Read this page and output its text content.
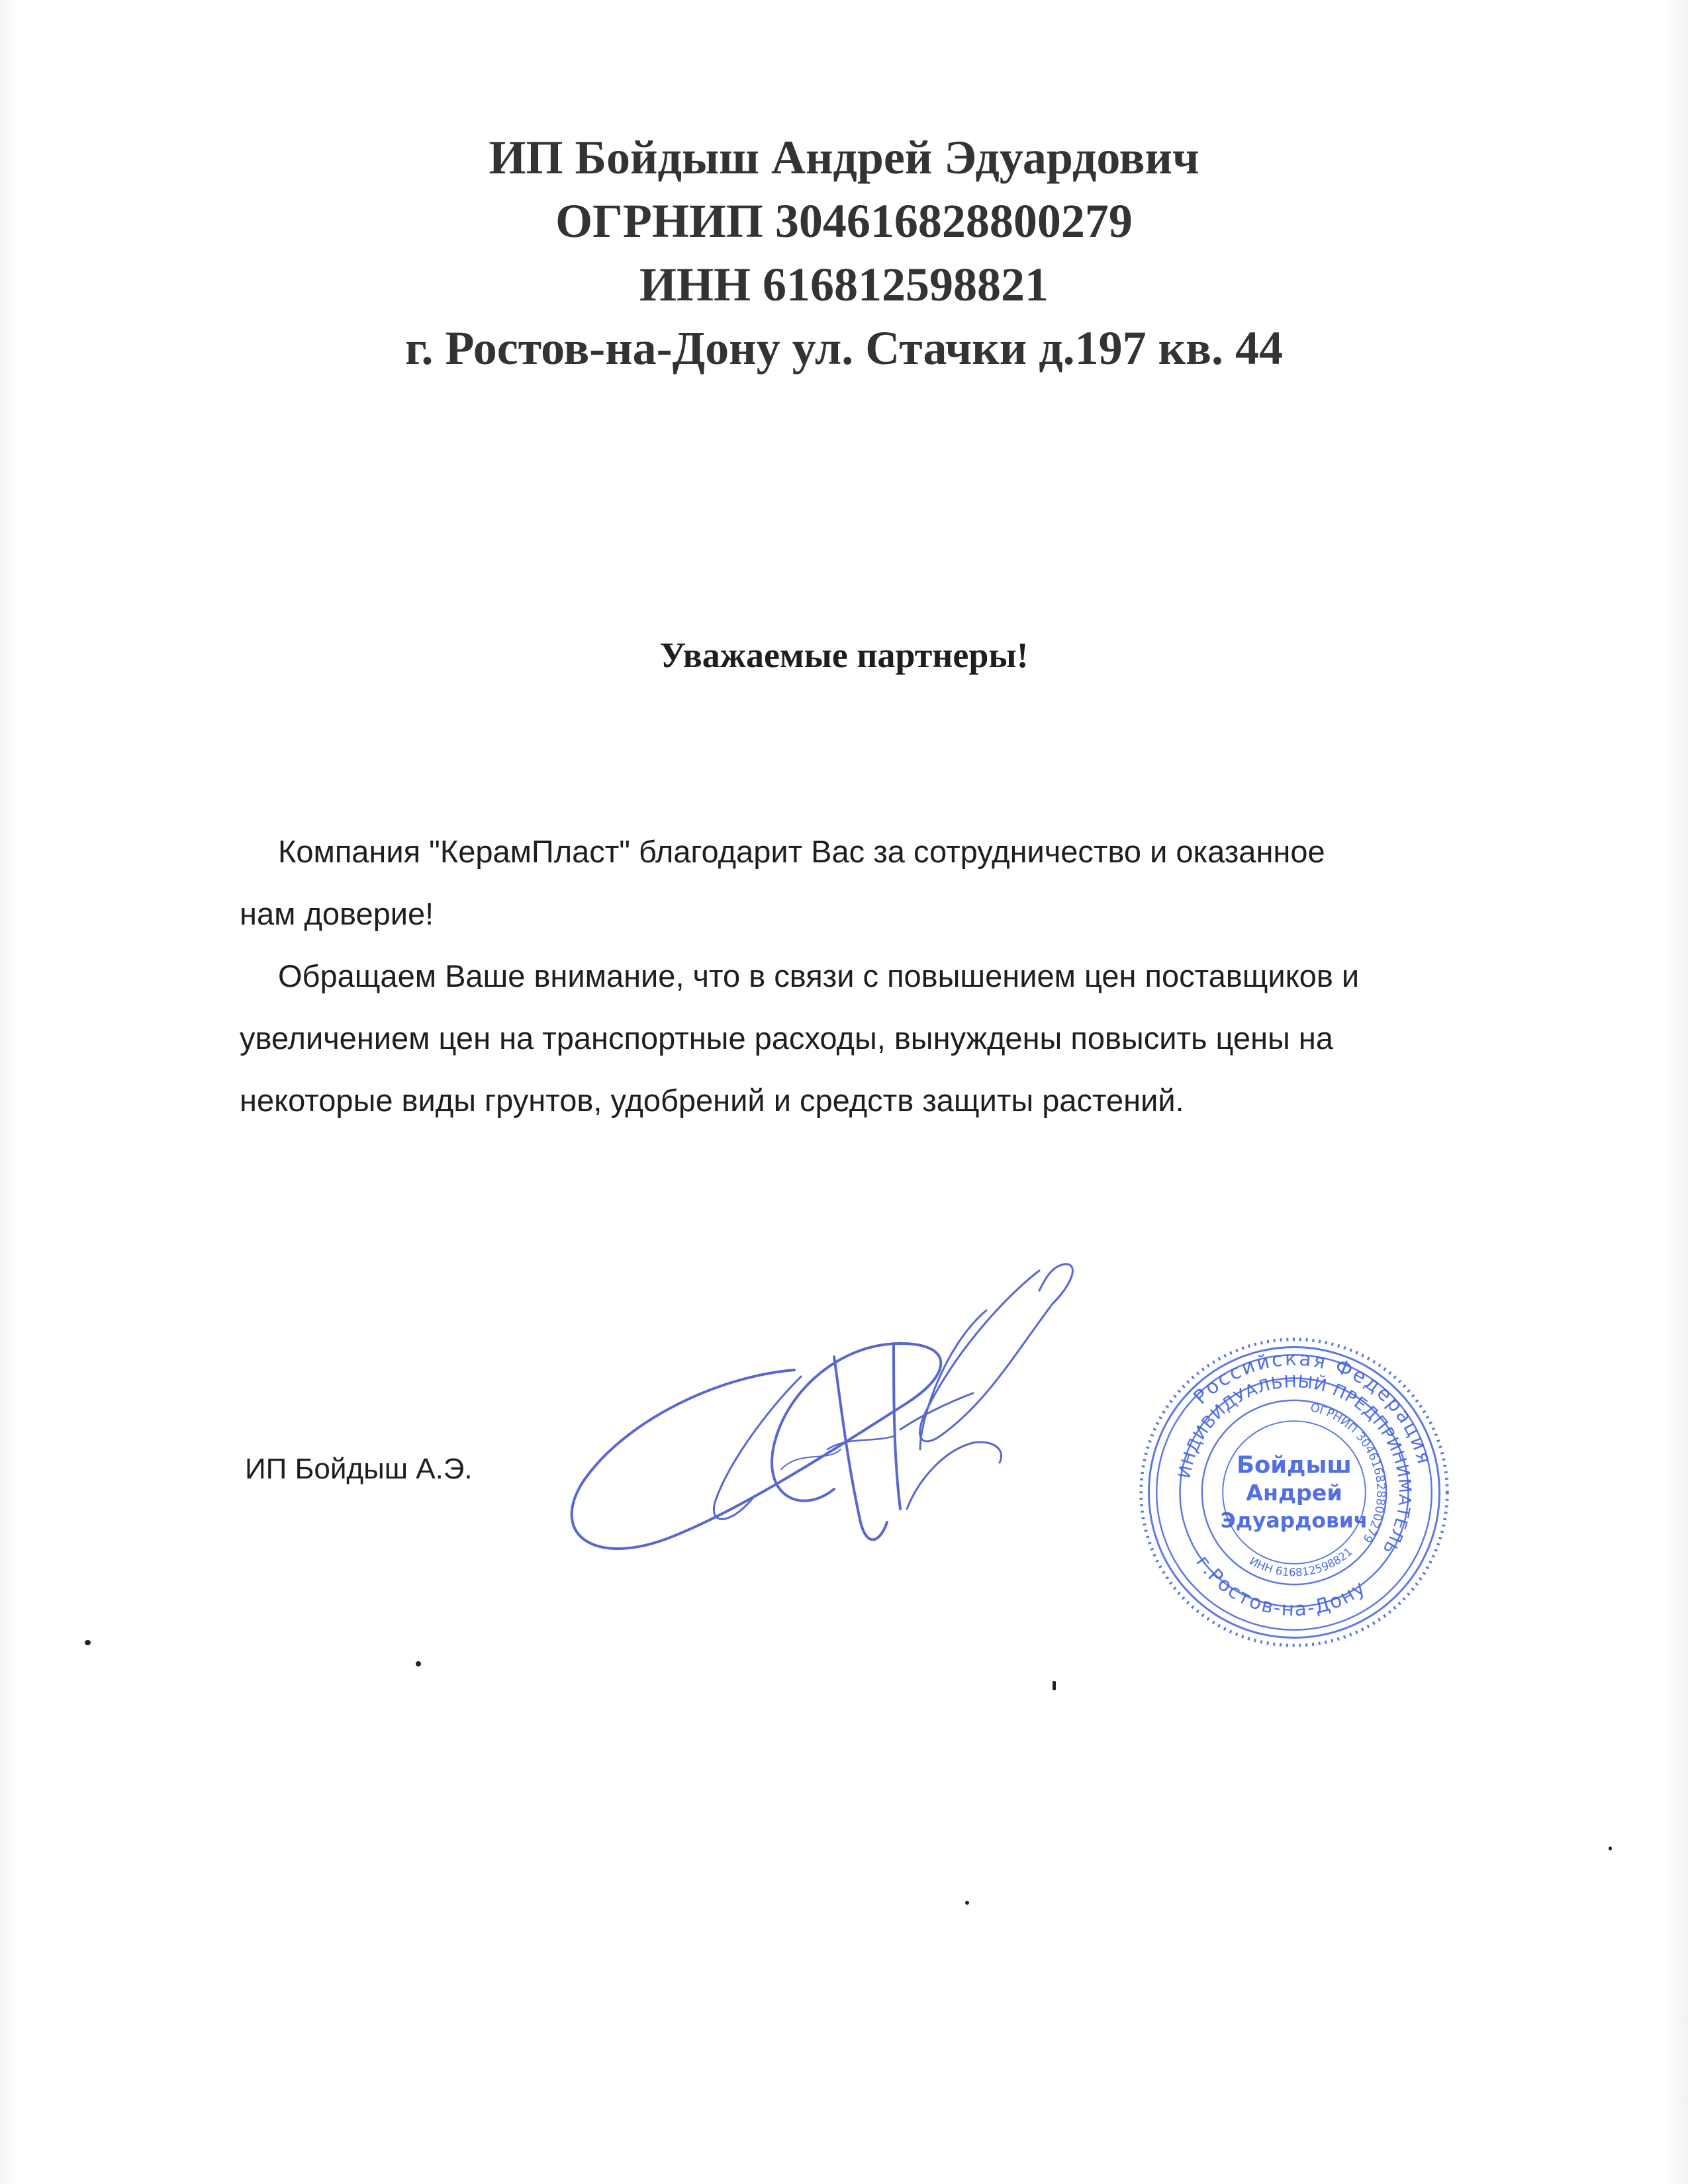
ИП Бойдыш Андрей Эдуардович
ОГРНИП 304616828800279
ИНН 616812598821
г. Ростов-на-Дону ул. Стачки д.197 кв. 44
Уважаемые партнеры!

Компания "КерамПласт" благодарит Вас за сотрудничество и оказанное
нам доверие!

Обращаем Ваше внимание, что в связи с повышением цен поставщиков и
увеличением цен на транспортные расходы, вынуждены повысить цены на
некоторые виды грунтов, удобрений и средств защиты растений.

ИП Бойдыш А.Э.
Российская Федерация
ИНДИВИДУАЛЬНЫЙ ПРЕДПРИНИМАТЕЛЬ
ОГРНИП 304616828800279
г.Ростов-на-Дону
ИНН 616812598821
Бойдыш
Андрей
Эдуардович
